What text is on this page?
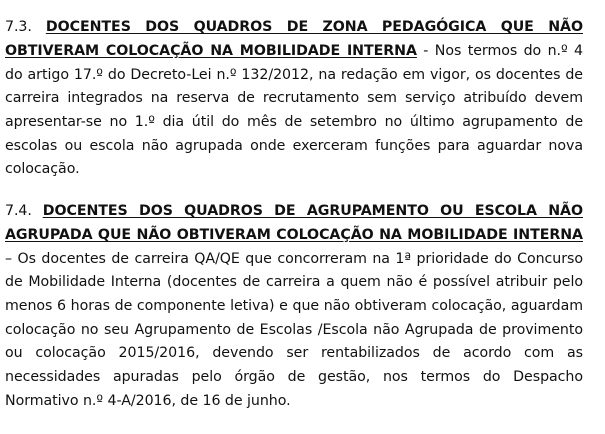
7.3. DOCENTES DOS QUADROS DE ZONA PEDAGÓGICA QUE NÃO OBTIVERAM COLOCAÇÃO NA MOBILIDADE INTERNA - Nos termos do n.º 4 do artigo 17.º do Decreto-Lei n.º 132/2012, na redação em vigor, os docentes de carreira integrados na reserva de recrutamento sem serviço atribuído devem apresentar-se no 1.º dia útil do mês de setembro no último agrupamento de escolas ou escola não agrupada onde exerceram funções para aguardar nova colocação.

7.4. DOCENTES DOS QUADROS DE AGRUPAMENTO OU ESCOLA NÃO AGRUPADA QUE NÃO OBTIVERAM COLOCAÇÃO NA MOBILIDADE INTERNA – Os docentes de carreira QA/QE que concorreram na 1ª prioridade do Concurso de Mobilidade Interna (docentes de carreira a quem não é possível atribuir pelo menos 6 horas de componente letiva) e que não obtiveram colocação, aguardam colocação no seu Agrupamento de Escolas /Escola não Agrupada de provimento ou colocação 2015/2016, devendo ser rentabilizados de acordo com as necessidades apuradas pelo órgão de gestão, nos termos do Despacho Normativo n.º 4-A/2016, de 16 de junho.
